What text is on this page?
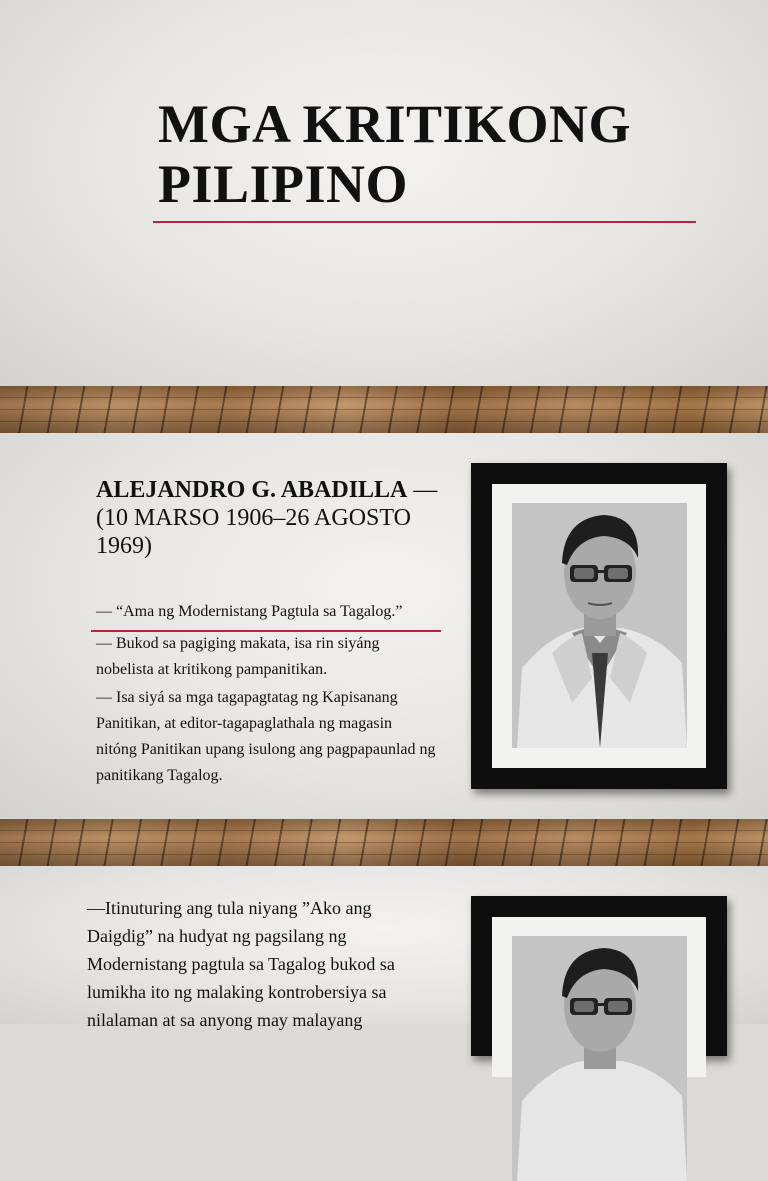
MGA KRITIKONG
PILIPINO
ALEJANDRO G. ABADILLA — (10 MARSO 1906–26 AGOSTO 1969)
— “Ama ng Modernistang Pagtula sa Tagalog.”

— Bukod sa pagiging makata, isa rin siyáng nobelista at kritikong pampanitikan.

— Isa siyá sa mga tagapagtatag ng Kapisanang Panitikan, at editor-tagapaglathala ng magasin nitóng Panitikan upang isulong ang pagpapaunlad ng panitikang Tagalog.

—Itinuturing ang tula niyang ”Ako ang Daigdig” na hudyat ng pagsilang ng Modernistang pagtula sa Tagalog bukod sa lumikha ito ng malaking kontrobersiya sa nilalaman at sa anyong may malayang
